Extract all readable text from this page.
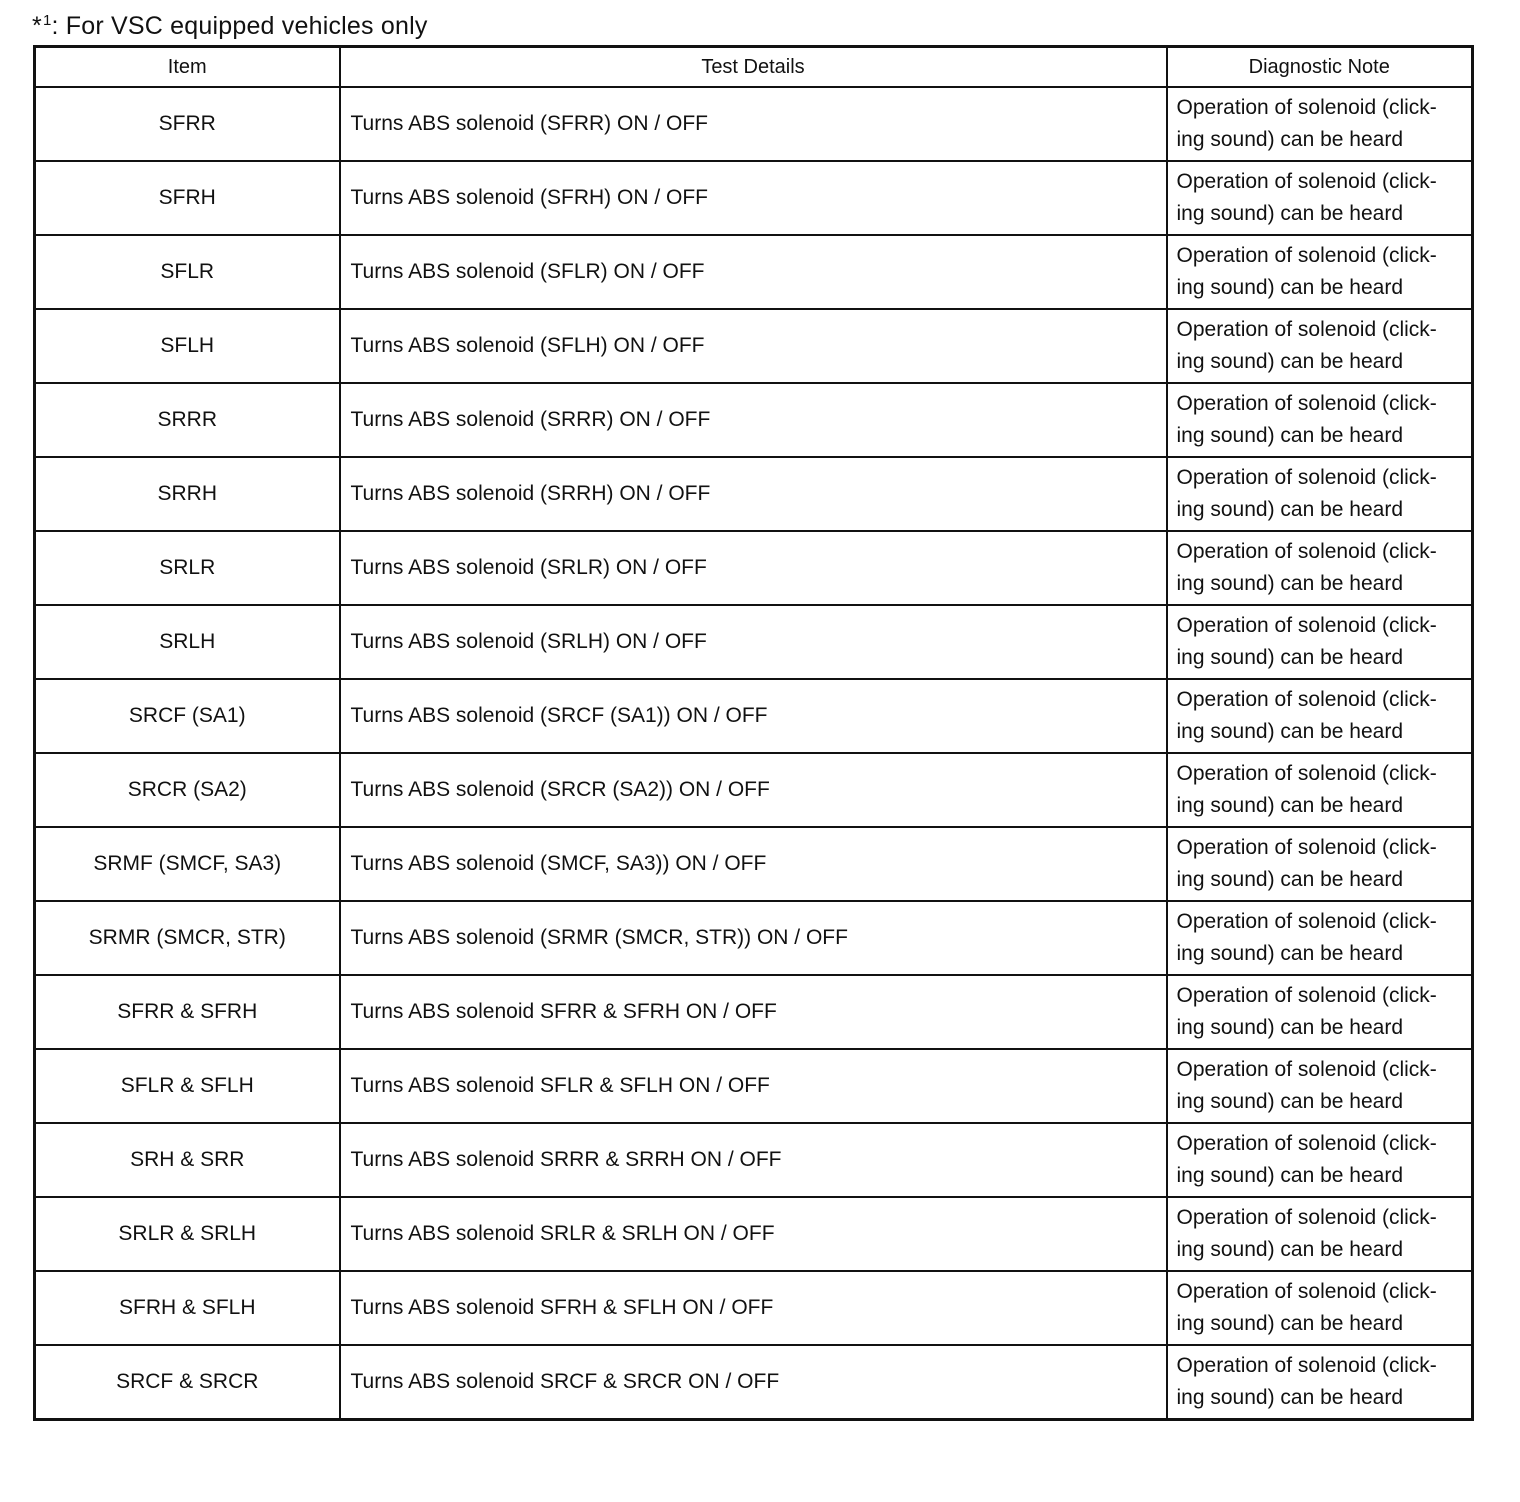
*$^1$: For VSC equipped vehicles only
Item	Test Details	Diagnostic Note
SFRR	Turns ABS solenoid (SFRR) ON / OFF	Operation of solenoid (click-
ing sound) can be heard

SFRH	Turns ABS solenoid (SFRH) ON / OFF	Operation of solenoid (click-
ing sound) can be heard

SFLR	Turns ABS solenoid (SFLR) ON / OFF	Operation of solenoid (click-
ing sound) can be heard

SFLH	Turns ABS solenoid (SFLH) ON / OFF	Operation of solenoid (click-
ing sound) can be heard

SRRR	Turns ABS solenoid (SRRR) ON / OFF	Operation of solenoid (click-
ing sound) can be heard

SRRH	Turns ABS solenoid (SRRH) ON / OFF	Operation of solenoid (click-
ing sound) can be heard

SRLR	Turns ABS solenoid (SRLR) ON / OFF	Operation of solenoid (click-
ing sound) can be heard

SRLH	Turns ABS solenoid (SRLH) ON / OFF	Operation of solenoid (click-
ing sound) can be heard

SRCF (SA1)	Turns ABS solenoid (SRCF (SA1)) ON / OFF	Operation of solenoid (click-
ing sound) can be heard

SRCR (SA2)	Turns ABS solenoid (SRCR (SA2)) ON / OFF	Operation of solenoid (click-
ing sound) can be heard

SRMF (SMCF, SA3)	Turns ABS solenoid (SMCF, SA3)) ON / OFF	Operation of solenoid (click-
ing sound) can be heard

SRMR (SMCR, STR)	Turns ABS solenoid (SRMR (SMCR, STR)) ON / OFF	Operation of solenoid (click-
ing sound) can be heard

SFRR & SFRH	Turns ABS solenoid SFRR & SFRH ON / OFF	Operation of solenoid (click-
ing sound) can be heard

SFLR & SFLH	Turns ABS solenoid SFLR & SFLH ON / OFF	Operation of solenoid (click-
ing sound) can be heard

SRH & SRR	Turns ABS solenoid SRRR & SRRH ON / OFF	Operation of solenoid (click-
ing sound) can be heard

SRLR & SRLH	Turns ABS solenoid SRLR & SRLH ON / OFF	Operation of solenoid (click-
ing sound) can be heard

SFRH & SFLH	Turns ABS solenoid SFRH & SFLH ON / OFF	Operation of solenoid (click-
ing sound) can be heard

SRCF & SRCR	Turns ABS solenoid SRCF & SRCR ON / OFF	Operation of solenoid (click-
ing sound) can be heard
